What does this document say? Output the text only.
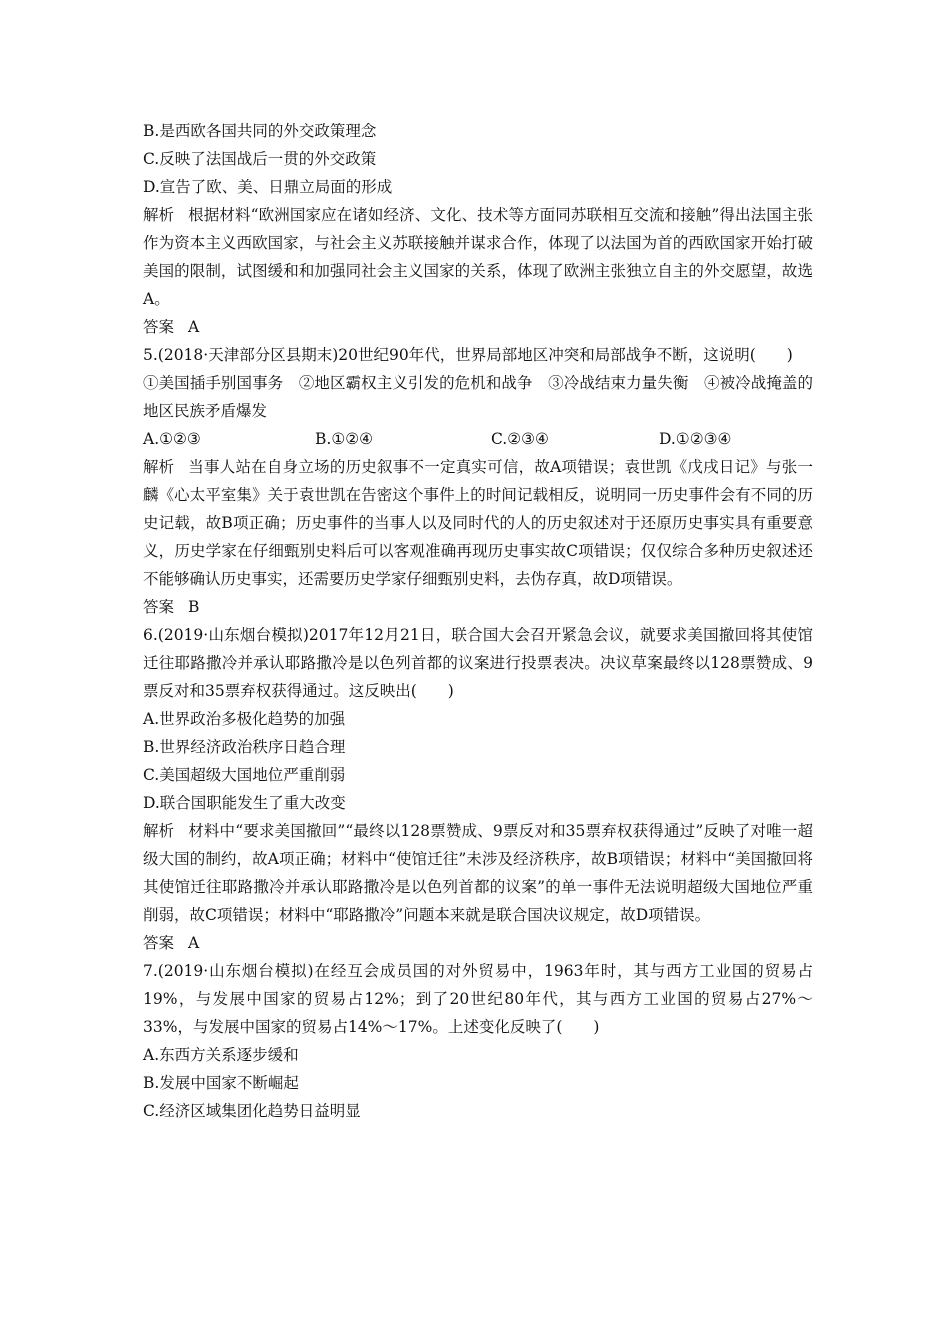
B.是西欧各国共同的外交政策理念

C.反映了法国战后一贯的外交政策

D.宣告了欧、美、日鼎立局面的形成

解析 根据材料“欧洲国家应在诸如经济、文化、技术等方面同苏联相互交流和接触”得出法国主张作为资本主义西欧国家，与社会主义苏联接触并谋求合作，体现了以法国为首的西欧国家开始打破美国的限制，试图缓和和加强同社会主义国家的关系，体现了欧洲主张独立自主的外交愿望，故选A。

答案 A

5.(2018·天津部分区县期末)20世纪90年代，世界局部地区冲突和局部战争不断，这说明(　　)

①美国插手别国事务　②地区霸权主义引发的危机和战争　③冷战结束力量失衡　④被冷战掩盖的地区民族矛盾爆发

A.①②③	B.①②④	C.②③④	D.①②③④

解析 当事人站在自身立场的历史叙事不一定真实可信，故A项错误；袁世凯《戊戌日记》与张一麟《心太平室集》关于袁世凯在告密这个事件上的时间记载相反，说明同一历史事件会有不同的历史记载，故B项正确；历史事件的当事人以及同时代的人的历史叙述对于还原历史事实具有重要意义，历史学家在仔细甄别史料后可以客观准确再现历史事实故C项错误；仅仅综合多种历史叙述还不能够确认历史事实，还需要历史学家仔细甄别史料，去伪存真，故D项错误。

答案 B

6.(2019·山东烟台模拟)2017年12月21日，联合国大会召开紧急会议，就要求美国撤回将其使馆迁往耶路撒冷并承认耶路撒冷是以色列首都的议案进行投票表决。决议草案最终以128票赞成、9票反对和35票弃权获得通过。这反映出(　　)

A.世界政治多极化趋势的加强

B.世界经济政治秩序日趋合理

C.美国超级大国地位严重削弱

D.联合国职能发生了重大改变

解析 材料中“要求美国撤回”“最终以128票赞成、9票反对和35票弃权获得通过”反映了对唯一超级大国的制约，故A项正确；材料中“使馆迁往”未涉及经济秩序，故B项错误；材料中“美国撤回将其使馆迁往耶路撒冷并承认耶路撒冷是以色列首都的议案”的单一事件无法说明超级大国地位严重削弱，故C项错误；材料中“耶路撒冷”问题本来就是联合国决议规定，故D项错误。

答案 A

7.(2019·山东烟台模拟)在经互会成员国的对外贸易中，1963年时，其与西方工业国的贸易占19%，与发展中国家的贸易占12%；到了20世纪80年代，其与西方工业国的贸易占27%～33%，与发展中国家的贸易占14%～17%。上述变化反映了(　　)

A.东西方关系逐步缓和

B.发展中国家不断崛起

C.经济区域集团化趋势日益明显
